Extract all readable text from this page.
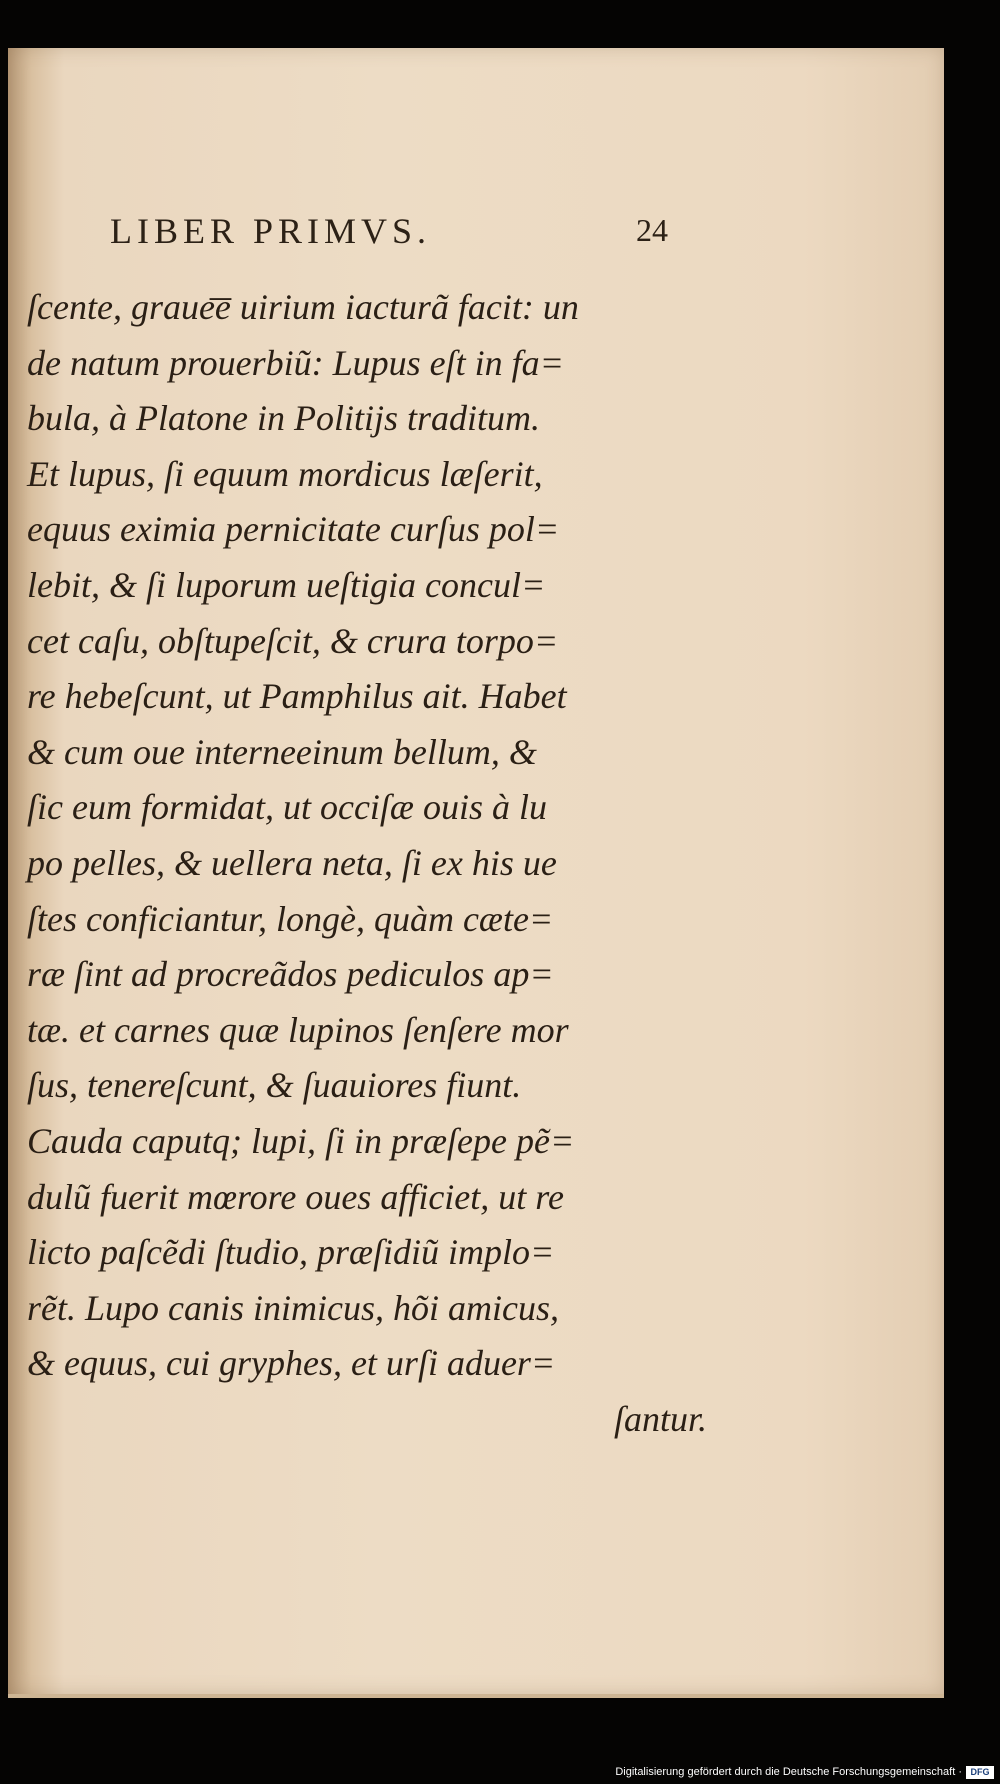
LIBER PRIMVS.	24
ſcente, graue͞e uirium iacturã facit: un
de natum prouerbiũ: Lupus eſt in fa=
bula, à Platone in Politijs traditum.
Et lupus, ſi equum mordicus læſerit,
equus eximia pernicitate curſus pol=
lebit, & ſi luporum ueſtigia concul=
cet caſu, obſtupeſcit, & crura torpo=
re hebeſcunt, ut Pamphilus ait. Habet
& cum oue interneeinum bellum, &
ſic eum formidat, ut occiſæ ouis à lu
po pelles, & uellera neta, ſi ex his ue
ſtes conficiantur, longè, quàm cæte=
ræ ſint ad procreãdos pediculos ap=
tæ. et carnes quæ lupinos ſenſere mor
ſus, tenereſcunt, & ſuauiores fiunt.
Cauda caputq; lupi, ſi in præſepe pẽ=
dulũ fuerit mœrore oues afficiet, ut re
licto paſcẽdi ſtudio, præſidiũ implo=
rẽt. Lupo canis inimicus, hõi amicus,
& equus, cui gryphes, et urſi aduer=
ſantur.
Digitalisierung gefördert durch die Deutsche Forschungsgemeinschaft · DFG
